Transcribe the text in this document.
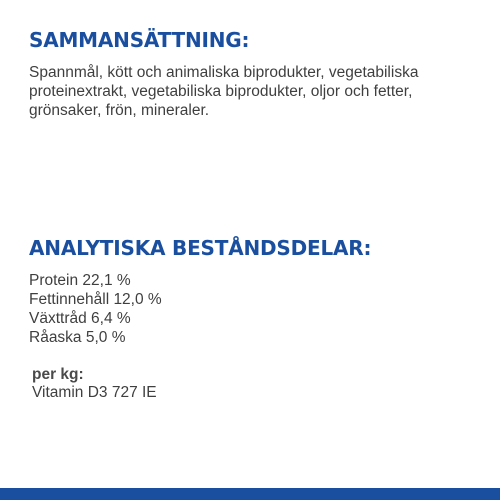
SAMMANSÄTTNING:

Spannmål, kött och animaliska biprodukter, vegetabiliska proteinextrakt, vegetabiliska biprodukter, oljor och fetter, grönsaker, frön, mineraler.

ANALYTISKA BESTÅNDSDELAR:
Protein 22,1 %
Fettinnehåll 12,0 %
Växttråd 6,4 %
Råaska 5,0 %

per kg:

Vitamin D3 727 IE
